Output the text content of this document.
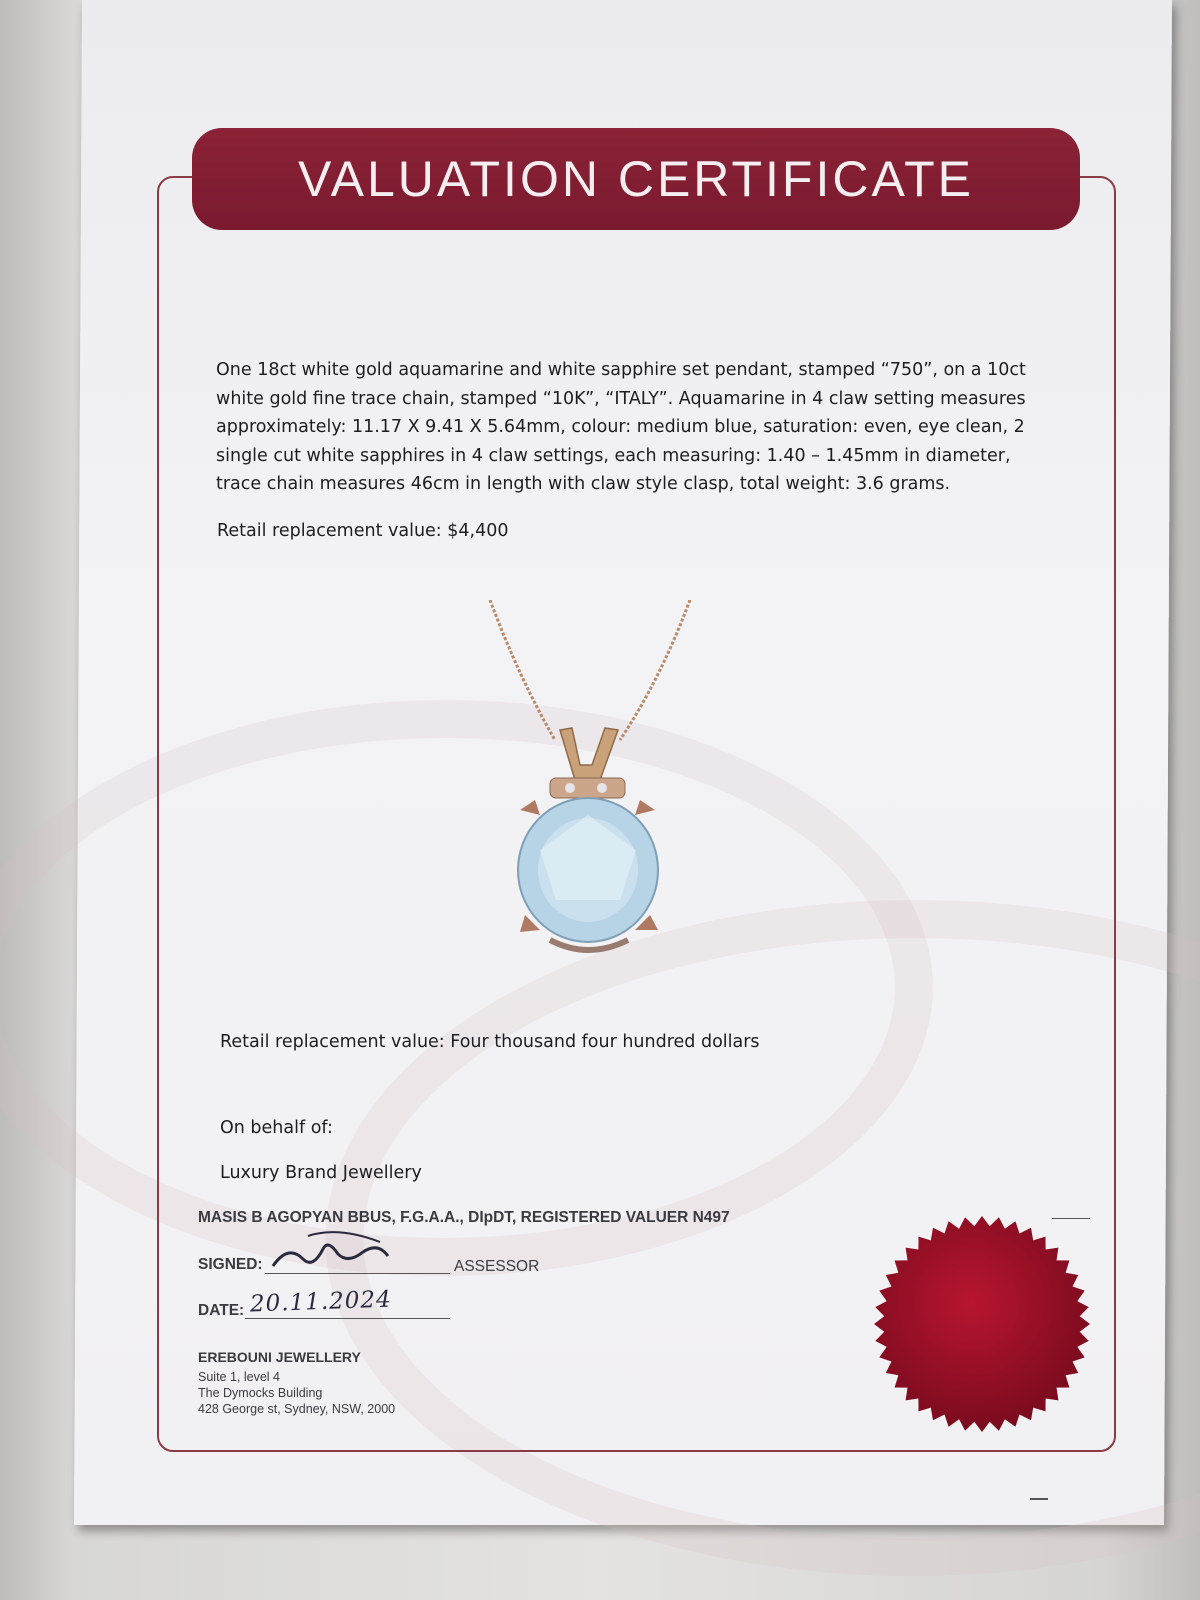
VALUATION CERTIFICATE
One 18ct white gold aquamarine and white sapphire set pendant, stamped “750”, on a 10ct
white gold fine trace chain, stamped “10K”, “ITALY”. Aquamarine in 4 claw setting measures
approximately: 11.17 X 9.41 X 5.64mm, colour: medium blue, saturation: even, eye clean, 2
single cut white sapphires in 4 claw settings, each measuring: 1.40 – 1.45mm in diameter,
trace chain measures 46cm in length with claw style clasp, total weight: 3.6 grams.
Retail replacement value: $4,400
Retail replacement value: Four thousand four hundred dollars
On behalf of:
Luxury Brand Jewellery
MASIS B AGOPYAN BBUS, F.G.A.A., DIpDT, REGISTERED VALUER N497
SIGNED:	ASSESSOR
DATE: 20.11.2024
EREBOUNI JEWELLERY
Suite 1, level 4
The Dymocks Building
428 George st, Sydney, NSW, 2000
